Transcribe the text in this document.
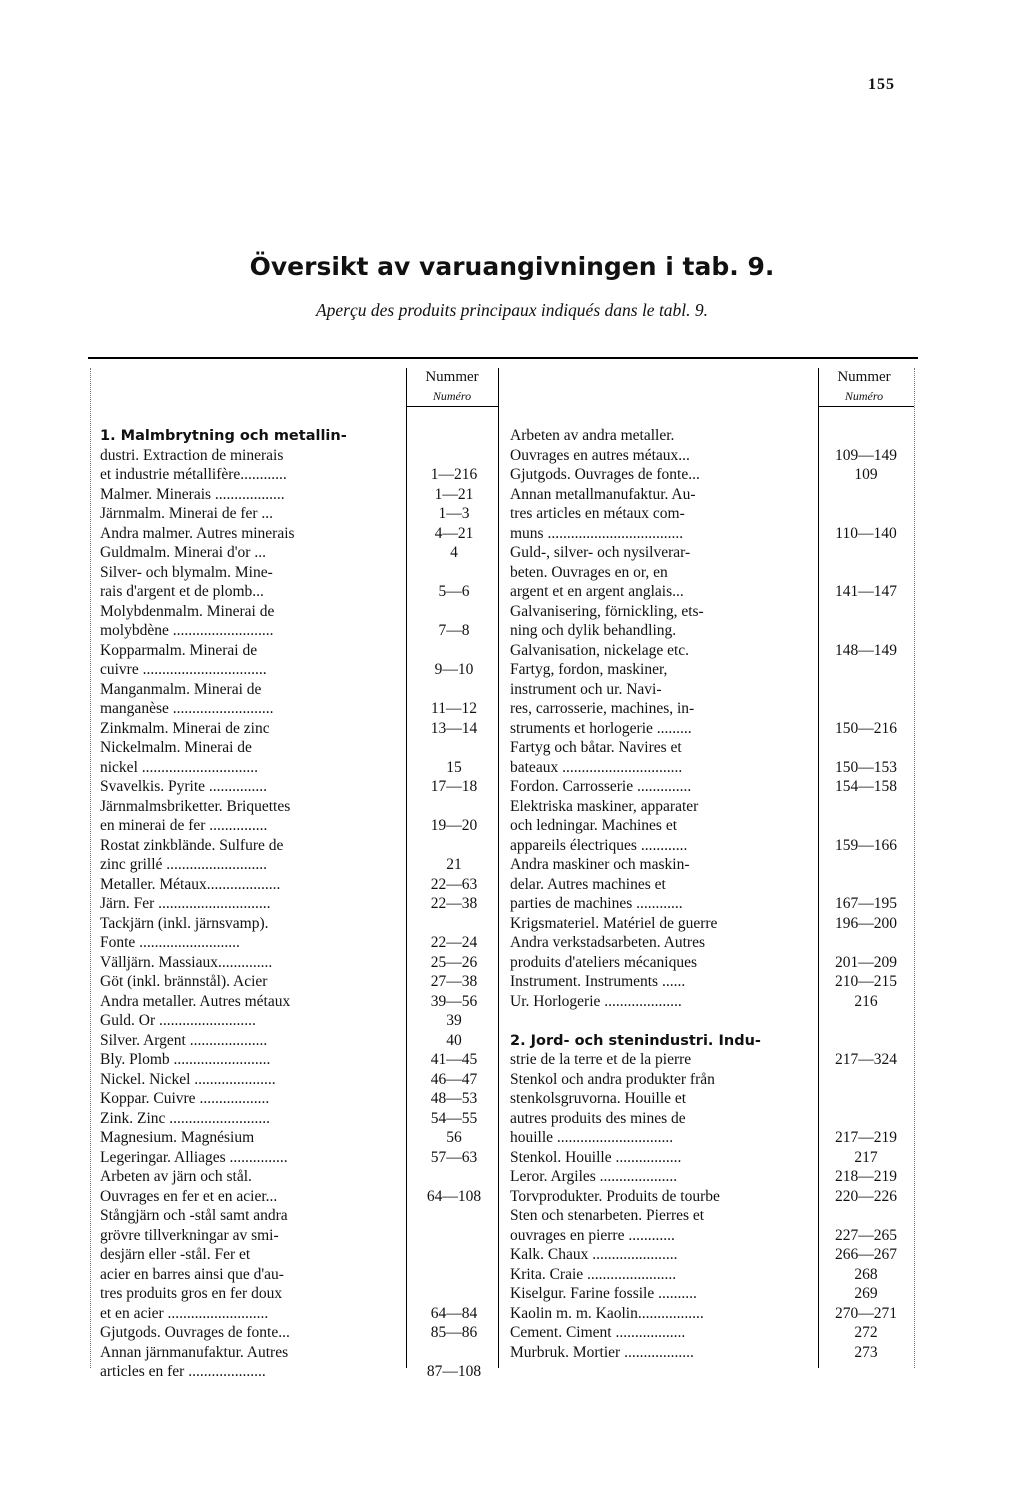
155
Översikt av varuangivningen i tab. 9.
Aperçu des produits principaux indiqués dans le tabl. 9.
Nummer
Numéro
Nummer
Numéro
1. Malmbrytning och metallin-
dustri. Extraction de minerais
et industrie métallifère............	1—216
Malmer. Minerais ..................	1—21
Järnmalm. Minerai de fer ...	1—3
Andra malmer. Autres minerais	4—21
Guldmalm. Minerai d'or ...	4
Silver- och blymalm. Mine-
rais d'argent et de plomb...	5—6
Molybdenmalm. Minerai de
molybdène ..........................	7—8
Kopparmalm. Minerai de
cuivre ................................	9—10
Manganmalm. Minerai de
manganèse ..........................	11—12
Zinkmalm. Minerai de zinc	13—14
Nickelmalm. Minerai de
nickel ..............................	15
Svavelkis. Pyrite ...............	17—18
Järnmalmsbriketter. Briquettes
en minerai de fer ...............	19—20
Rostat zinkblände. Sulfure de
zinc grillé ..........................	21
Metaller. Métaux...................	22—63
Järn. Fer .............................	22—38
Tackjärn (inkl. järnsvamp).
Fonte ..........................	22—24
Välljärn. Massiaux..............	25—26
Göt (inkl. brännstål). Acier	27—38
Andra metaller. Autres métaux	39—56
Guld. Or .........................	39
Silver. Argent ....................	40
Bly. Plomb .........................	41—45
Nickel. Nickel .....................	46—47
Koppar. Cuivre ..................	48—53
Zink. Zinc ..........................	54—55
Magnesium. Magnésium	56
Legeringar. Alliages ...............	57—63
Arbeten av järn och stål.
Ouvrages en fer et en acier...	64—108
Stångjärn och -stål samt andra
grövre tillverkningar av smi-
desjärn eller -stål. Fer et
acier en barres ainsi que d'au-
tres produits gros en fer doux
et en acier ..........................	64—84
Gjutgods. Ouvrages de fonte...	85—86
Annan järnmanufaktur. Autres
articles en fer ....................	87—108
Arbeten av andra metaller.
Ouvrages en autres métaux...	109—149
Gjutgods. Ouvrages de fonte...	109
Annan metallmanufaktur. Au-
tres articles en métaux com-
muns ...................................	110—140
Guld-, silver- och nysilverar-
beten. Ouvrages en or, en
argent et en argent anglais...	141—147
Galvanisering, förnickling, ets-
ning och dylik behandling.
Galvanisation, nickelage etc.	148—149
Fartyg, fordon, maskiner,
instrument och ur. Navi-
res, carrosserie, machines, in-
struments et horlogerie .........	150—216
Fartyg och båtar. Navires et
bateaux ...............................	150—153
Fordon. Carrosserie ..............	154—158
Elektriska maskiner, apparater
och ledningar. Machines et
appareils électriques ............	159—166
Andra maskiner och maskin-
delar. Autres machines et
parties de machines ............	167—195
Krigsmateriel. Matériel de guerre	196—200
Andra verkstadsarbeten. Autres
produits d'ateliers mécaniques	201—209
Instrument. Instruments ......	210—215
Ur. Horlogerie ....................	216
2. Jord- och stenindustri. Indu-
strie de la terre et de la pierre	217—324
Stenkol och andra produkter från
stenkolsgruvorna. Houille et
autres produits des mines de
houille ..............................	217—219
Stenkol. Houille .................	217
Leror. Argiles ....................	218—219
Torvprodukter. Produits de tourbe	220—226
Sten och stenarbeten. Pierres et
ouvrages en pierre ............	227—265
Kalk. Chaux ......................	266—267
Krita. Craie .......................	268
Kiselgur. Farine fossile ..........	269
Kaolin m. m. Kaolin.................	270—271
Cement. Ciment ..................	272
Murbruk. Mortier ..................	273
